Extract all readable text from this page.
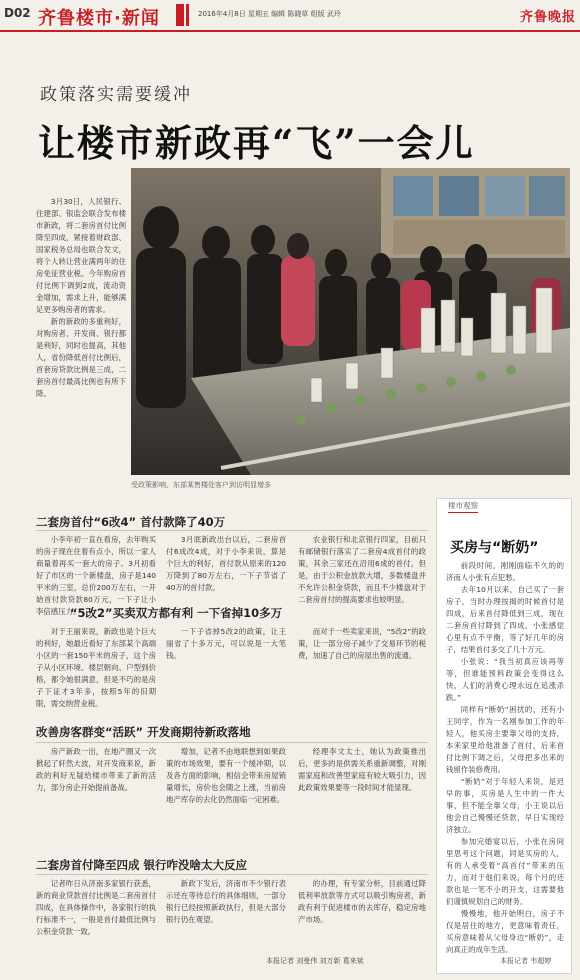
D02 齐鲁楼市·新闻	2016年4月8日 星期五 编辑 陈晓草 组版 武玲	齐鲁晚报
政策落实需要缓冲
让楼市新政再“飞”一会儿

3月30日，人民银行、住建部、银监会联合发布楼市新政，将二套房首付比例降至四成，紧接着财政部、国家税务总局也联合发文，将个人转让营业满两年的住房免征营业税。今年购房首付比例下调到2成，流动资金增加，需求上升，能够满足更多购房者的需求。

新的新政的多重利好，对购房者、开发商、银行都是利好，同时也提高，其他人，省份降低首付比例后，首套房贷款比例是三成，二套房首付最高比例也有所下降。

受政策影响，东部某售楼处客户到访明显增多
二套房首付“6改4” 首付款降了40万

小李年初一直在看房，去年购买的房子现在住着有点小，所以一家人商量着再买一套大的房子。3月初看好了市区的一个新楼盘，房子是140平米的三室，总价200万左右，一开始首付款贷款80万元，一下子让小李倍感压力。

3月底新政出台以后，二套房首付6成改4成，对于小李来说，算是个巨大的利好，首付款从原来的120万降到了80万左右，一下子节省了40万的首付款。

农业银行和北京银行四家，目前只有邮储银行落实了二套房4成首付的政策，其余三家还在沿用6成的首付，但是，由于公积金放款大增，多数楼盘并不允许公积金贷款，而且不少楼盘对于二套房首付的提高要求也较明显。

“5改2”买卖双方都有利 一下省掉10多万

对于王丽来说，新政也是个巨大的利好，她最近看好了东部某个高端小区的一套150平米的房子，这个房子从小区环境、楼层朝向、户型到价格，都令她很满意，但是不巧的是房子下证才3年多，按照5年的旧期限，需交纳营业税。

一下子省掉5改2的政策，让王丽省了十多万元，可以说是一大笔钱。

而对于一些卖家来说，“5改2”的政策，让一部分房子减少了交易环节的税费，加速了自己的房屋出售的流通。

改善房客群变“活跃” 开发商期待新政落地

房产新政一出，在地产圈又一次掀起了轩然大波，对开发商来说，新政的利好无疑给楼市带来了新的活力，部分房企开始提前备战。

增加，记者不由地联想到如果政策的市场效果，要有一个缓冲期，以及各方面的影响，相信会带来房屋销量增长，房价也会随之上涨，当前房地产库存的去化仍然面临一定困难。

经理李文太士，她认为政策推出后，更多的是供需关系重新调整，对刚需家庭和改善型家庭有较大吸引力，因此政策效果要等一段时间才能显现。

二套房首付降至四成 银行咋没啥太大反应

记者昨日从济南多家银行获悉，新的商业贷款首付比例是二套房首付四成，在具体操作中，各家银行的执行标准不一，一般是首付最低比例与公积金贷款一致。

新政下发后，济南市不少银行表示还在等待总行的具体细则，一部分银行已经按照新政执行，但是大部分银行仍在观望。

的办理，有专家分析，目前通过降低利率放款等方式可以吸引购房者，新政有利于促进楼市的去库存，稳定房地产市场。

本报记者 刘曼伟 刘万新 葛来斌
楼市观察
买房与“断奶”

前段时间，刚刚面临不久的的济南人小张有点犯愁。

去年10月以来，自己买了一套房子，当时办理按揭的时候首付是四成，后来首付降低到三成，现在二套房首付降到了四成，小张感觉心里有点不平衡，等了好几年的房子，结果首付多交了几十万元。

小张说：“我当初真应该再等等，但谁能预料政策会变得这么快，人们的消费心理永远在追涨杀跌。”

同样有“断奶”困扰的，还有小王同学，作为一名刚参加工作的年轻人，他买房主要靠父母的支持，本来家里给他准备了首付，后来首付比例下调之后，父母把多出来的钱留作装修费用。

“断奶”对于年轻人来说，是迟早的事，买房是人生中的一件大事，但不能全靠父母，小王说以后他会自己慢慢还贷款，早日实现经济独立。

参加完婚宴以后，小张在房间里思考这个问题，同是买房的人，有的人承受着“高首付”带来的压力，而对于他们来说，每个月的还款也是一笔不小的开支，这需要他们谨慎规划自己的财务。

慢慢地，他开始明白，房子不仅是居住的地方，更意味着责任，买房意味着从父母身边“断奶”，走向真正的成年生活。

本报记者 韦超婷
